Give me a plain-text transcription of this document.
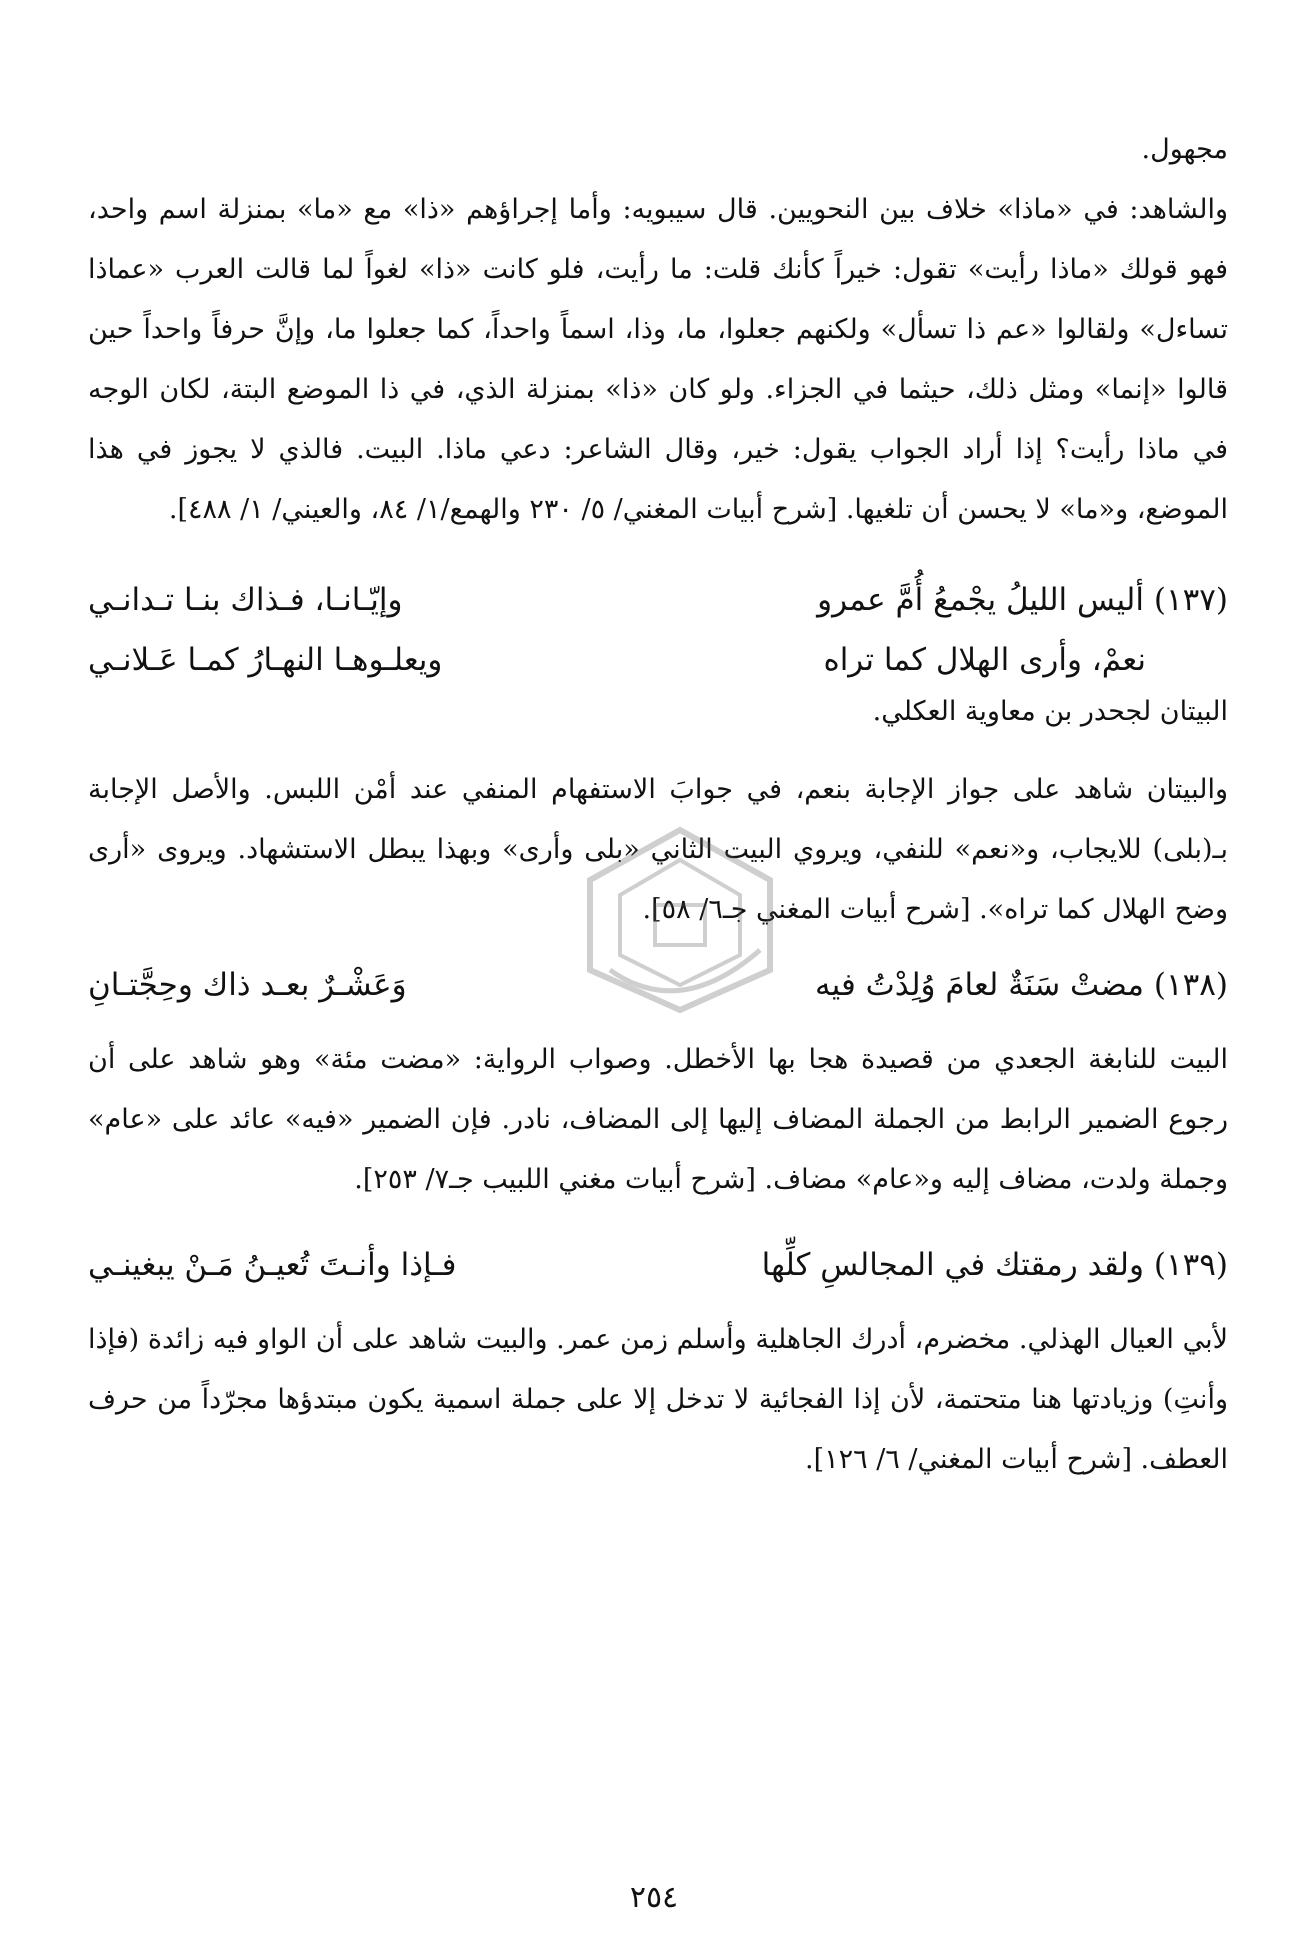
مجهول.
والشاهد: في «ماذا» خلاف بين النحويين. قال سيبويه: وأما إجراؤهم «ذا» مع «ما» بمنزلة اسم واحد، فهو قولك «ماذا رأيت» تقول: خيراً كأنك قلت: ما رأيت، فلو كانت «ذا» لغواً لما قالت العرب «عماذا تساءل» ولقالوا «عم ذا تسأل» ولكنهم جعلوا، ما، وذا، اسماً واحداً، كما جعلوا ما، وإنَّ حرفاً واحداً حين قالوا «إنما» ومثل ذلك، حيثما في الجزاء. ولو كان «ذا» بمنزلة الذي، في ذا الموضع البتة، لكان الوجه في ماذا رأيت؟ إذا أراد الجواب يقول: خير، وقال الشاعر: دعي ماذا. البيت. فالذي لا يجوز في هذا الموضع، و«ما» لا يحسن أن تلغيها. [شرح أبيات المغني/ ٥/ ٢٣٠ والهمع/١/ ٨٤، والعيني/ ١/ ٤٨٨].
(١٣٧) أليس الليلُ يجْمعُ أُمَّ عمرو
وإيّـانـا، فـذاك بنـا تـدانـي
نعمْ، وأرى الهلال كما تراه
ويعلـوهـا النهـارُ كمـا عَـلانـي
البيتان لجحدر بن معاوية العكلي.
والبيتان شاهد على جواز الإجابة بنعم، في جوابَ الاستفهام المنفي عند أمْن اللبس. والأصل الإجابة بـ(بلى) للايجاب، و«نعم» للنفي، ويروي البيت الثاني «بلى وأرى» وبهذا يبطل الاستشهاد. ويروى «أرى وضح الهلال كما تراه». [شرح أبيات المغني جـ٦/ ٥٨].
(١٣٨) مضتْ سَنَةٌ لعامَ وُلِدْتُ فيه
وَعَشْـرٌ بعـد ذاك وحِجَّتـانِ
البيت للنابغة الجعدي من قصيدة هجا بها الأخطل. وصواب الرواية: «مضت مئة» وهو شاهد على أن رجوع الضمير الرابط من الجملة المضاف إليها إلى المضاف، نادر. فإن الضمير «فيه» عائد على «عام» وجملة ولدت، مضاف إليه و«عام» مضاف. [شرح أبيات مغني اللبيب جـ٧/ ٢٥٣].
(١٣٩) ولقد رمقتك في المجالسِ كلِّها
فـإذا وأنـتَ تُعيـنُ مَـنْ يبغينـي
لأبي العيال الهذلي. مخضرم، أدرك الجاهلية وأسلم زمن عمر. والبيت شاهد على أن الواو فيه زائدة (فإذا وأنتِ) وزيادتها هنا متحتمة، لأن إذا الفجائية لا تدخل إلا على جملة اسمية يكون مبتدؤها مجرّداً من حرف العطف. [شرح أبيات المغني/ ٦/ ١٢٦].
٢٥٤
